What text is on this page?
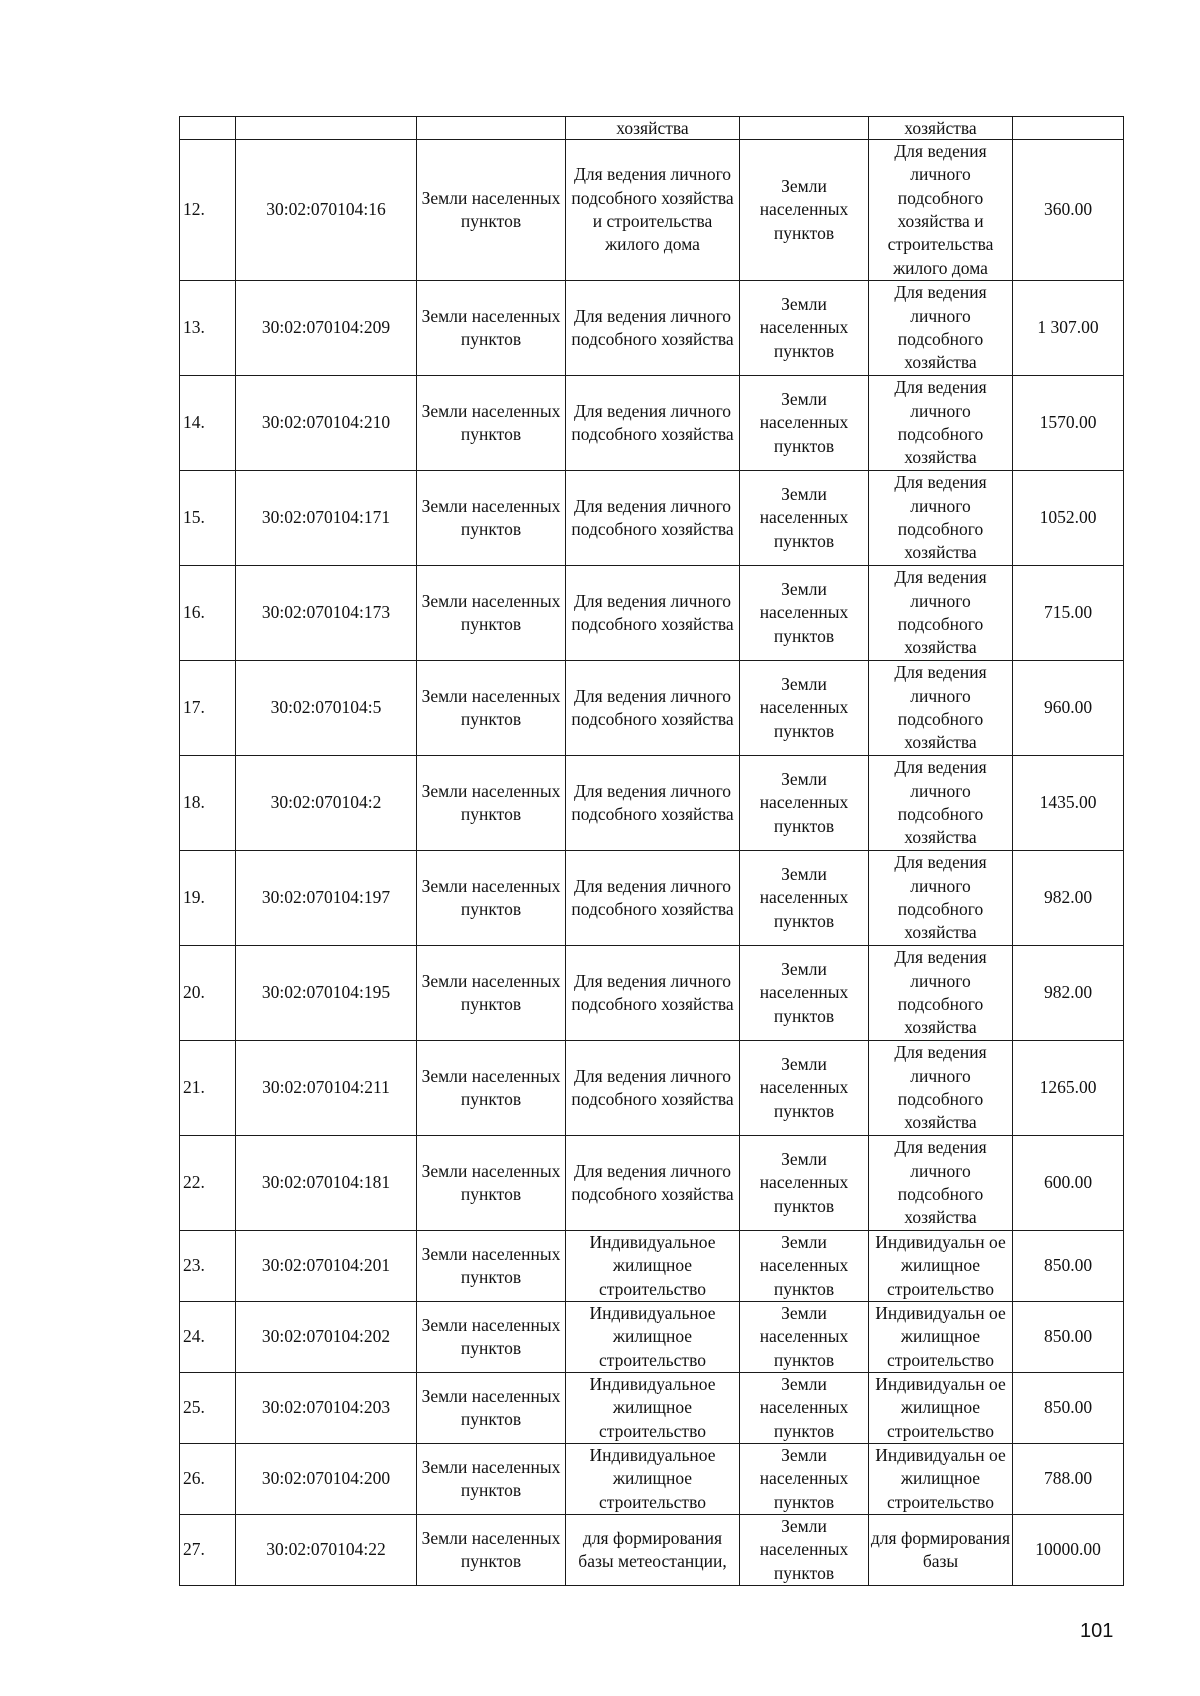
			хозяйства		хозяйства	
12.	30:02:070104:16	Земли населенных пунктов	Для ведения личного подсобного хозяйства и строительства жилого дома	Земли населенных пунктов	Для ведения личного подсобного хозяйства и строительства жилого дома	360.00
13.	30:02:070104:209	Земли населенных пунктов	Для ведения личного подсобного хозяйства	Земли населенных пунктов	Для ведения личного подсобного хозяйства	1 307.00
14.	30:02:070104:210	Земли населенных пунктов	Для ведения личного подсобного хозяйства	Земли населенных пунктов	Для ведения личного подсобного хозяйства	1570.00
15.	30:02:070104:171	Земли населенных пунктов	Для ведения личного подсобного хозяйства	Земли населенных пунктов	Для ведения личного подсобного хозяйства	1052.00
16.	30:02:070104:173	Земли населенных пунктов	Для ведения личного подсобного хозяйства	Земли населенных пунктов	Для ведения личного подсобного хозяйства	715.00
17.	30:02:070104:5	Земли населенных пунктов	Для ведения личного подсобного хозяйства	Земли населенных пунктов	Для ведения личного подсобного хозяйства	960.00
18.	30:02:070104:2	Земли населенных пунктов	Для ведения личного подсобного хозяйства	Земли населенных пунктов	Для ведения личного подсобного хозяйства	1435.00
19.	30:02:070104:197	Земли населенных пунктов	Для ведения личного подсобного хозяйства	Земли населенных пунктов	Для ведения личного подсобного хозяйства	982.00
20.	30:02:070104:195	Земли населенных пунктов	Для ведения личного подсобного хозяйства	Земли населенных пунктов	Для ведения личного подсобного хозяйства	982.00
21.	30:02:070104:211	Земли населенных пунктов	Для ведения личного подсобного хозяйства	Земли населенных пунктов	Для ведения личного подсобного хозяйства	1265.00
22.	30:02:070104:181	Земли населенных пунктов	Для ведения личного подсобного хозяйства	Земли населенных пунктов	Для ведения личного подсобного хозяйства	600.00
23.	30:02:070104:201	Земли населенных пунктов	Индивидуальное жилищное строительство	Земли населенных пунктов	Индивидуальн ое жилищное строительство	850.00
24.	30:02:070104:202	Земли населенных пунктов	Индивидуальное жилищное строительство	Земли населенных пунктов	Индивидуальн ое жилищное строительство	850.00
25.	30:02:070104:203	Земли населенных пунктов	Индивидуальное жилищное строительство	Земли населенных пунктов	Индивидуальн ое жилищное строительство	850.00
26.	30:02:070104:200	Земли населенных пунктов	Индивидуальное жилищное строительство	Земли населенных пунктов	Индивидуальн ое жилищное строительство	788.00
27.	30:02:070104:22	Земли населенных пунктов	для формирования базы метеостанции,	Земли населенных пунктов	для формирования базы	10000.00
101
